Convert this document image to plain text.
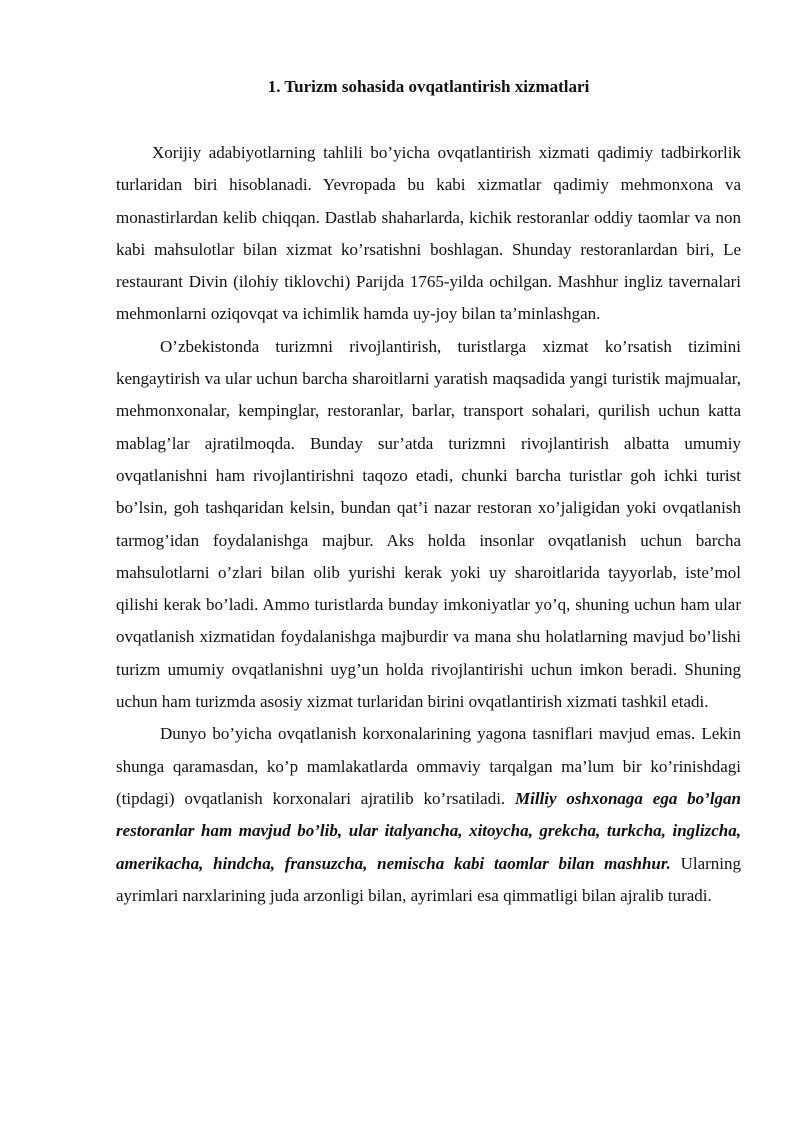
1. Turizm sohasida ovqatlantirish xizmatlari

Xorijiy adabiyotlarning tahlili bo’yicha ovqatlantirish xizmati qadimiy tadbirkorlik turlaridan biri hisoblanadi. Yevropada bu kabi xizmatlar qadimiy mehmonxona va monastirlardan kelib chiqqan. Dastlab shaharlarda, kichik restoranlar oddiy taomlar va non kabi mahsulotlar bilan xizmat ko’rsatishni boshlagan. Shunday restoranlardan biri, Le restaurant Divin (ilohiy tiklovchi) Parijda 1765-yilda ochilgan. Mashhur ingliz tavernalari mehmonlarni oziqovqat va ichimlik hamda uy-joy bilan ta’minlashgan.

O’zbekistonda turizmni rivojlantirish, turistlarga xizmat ko’rsatish tizimini kengaytirish va ular uchun barcha sharoitlarni yaratish maqsadida yangi turistik majmualar, mehmonxonalar, kempinglar, restoranlar, barlar, transport sohalari, qurilish uchun katta mablag’lar ajratilmoqda. Bunday sur’atda turizmni rivojlantirish albatta umumiy ovqatlanishni ham rivojlantirishni taqozo etadi, chunki barcha turistlar goh ichki turist bo’lsin, goh tashqaridan kelsin, bundan qat’i nazar restoran xo’jaligidan yoki ovqatlanish tarmog’idan foydalanishga majbur. Aks holda insonlar ovqatlanish uchun barcha mahsulotlarni o’zlari bilan olib yurishi kerak yoki uy sharoitlarida tayyorlab, iste’mol qilishi kerak bo’ladi. Ammo turistlarda bunday imkoniyatlar yo’q, shuning uchun ham ular ovqatlanish xizmatidan foydalanishga majburdir va mana shu holatlarning mavjud bo’lishi turizm umumiy ovqatlanishni uyg’un holda rivojlantirishi uchun imkon beradi. Shuning uchun ham turizmda asosiy xizmat turlaridan birini ovqatlantirish xizmati tashkil etadi.

Dunyo bo’yicha ovqatlanish korxonalarining yagona tasniflari mavjud emas. Lekin shunga qaramasdan, ko’p mamlakatlarda ommaviy tarqalgan ma’lum bir ko’rinishdagi (tipdagi) ovqatlanish korxonalari ajratilib ko’rsatiladi. Milliy oshxonaga ega bo’lgan restoranlar ham mavjud bo’lib, ular italyancha, xitoycha, grekcha, turkcha, inglizcha, amerikacha, hindcha, fransuzcha, nemischa kabi taomlar bilan mashhur. Ularning ayrimlari narxlarining juda arzonligi bilan, ayrimlari esa qimmatligi bilan ajralib turadi.
